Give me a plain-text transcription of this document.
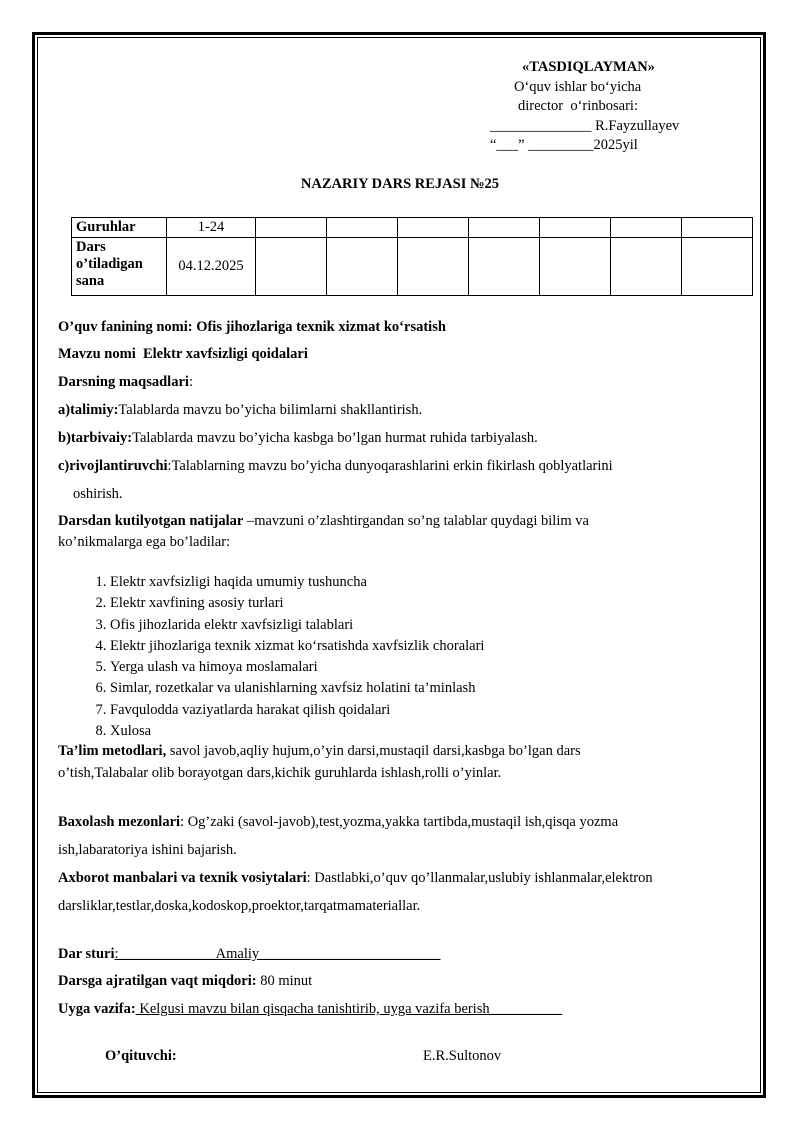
«TASDIQLAYMAN»
O‘quv ishlar bo‘yicha
director  o‘rinbosari:
______________ R.Fayzullayev
“___” _________2025yil
NAZARIY DARS REJASI №25
Guruhlar	1-24							
Dars o’tiladigan sana	04.12.2025							
O’quv fanining nomi: Ofis jihozlariga texnik xizmat ko‘rsatish
Mavzu nomi Elektr xavfsizligi qoidalari
Darsning maqsadlari:
a)talimiy:Talablarda mavzu bo’yicha bilimlarni shakllantirish.
b)tarbivaiy:Talablarda mavzu bo’yicha kasbga bo’lgan hurmat ruhida tarbiyalash.
c)rivojlantiruvchi:Talablarning mavzu bo’yicha dunyoqarashlarini erkin fikirlash qoblyatlarini
oshirish.
Darsdan kutilyotgan natijalar –mavzuni o’zlashtirgandan so’ng talablar quydagi bilim va
ko’nikmalarga ega bo’ladilar:
1. Elektr xavfsizligi haqida umumiy tushuncha
2. Elektr xavfining asosiy turlari
3. Ofis jihozlarida elektr xavfsizligi talablari
4. Elektr jihozlariga texnik xizmat ko‘rsatishda xavfsizlik choralari
5. Yerga ulash va himoya moslamalari
6. Simlar, rozetkalar va ulanishlarning xavfsiz holatini ta’minlash
7. Favqulodda vaziyatlarda harakat qilish qoidalari
8. Xulosa
Ta’lim metodlari, savol javob,aqliy hujum,o’yin darsi,mustaqil darsi,kasbga bo’lgan dars
o’tish,Talabalar olib borayotgan dars,kichik guruhlarda ishlash,rolli o’yinlar.
Baxolash mezonlari: Og’zaki (savol-javob),test,yozma,yakka tartibda,mustaqil ish,qisqa yozma
ish,labaratoriya ishini bajarish.
Axborot manbalari va texnik vosiytalari: Dastlabki,o’quv qo’llanmalar,uslubiy ishlanmalar,elektron
darsliklar,testlar,doska,kodoskop,proektor,tarqatmamateriallar.
Dar sturi:_____________ Amaliy_________________________
Darsga ajratilgan vaqt miqdori: 80 minut
Uyga vazifa: Kelgusi mavzu bilan qisqacha tanishtirib, uyga vazifa berish__________
O’qituvchi:	E.R.Sultonov
